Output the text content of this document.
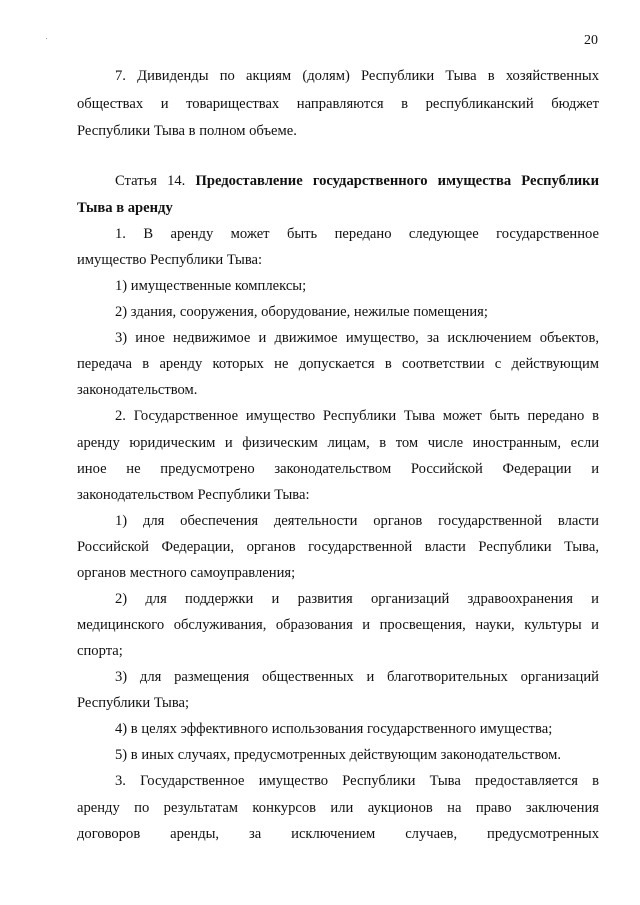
20
7. Дивиденды по акциям (долям) Республики Тыва в хозяйственных
обществах и товариществах направляются в республиканский бюджет
Республики Тыва в полном объеме.
Статья 14. Предоставление государственного имущества Республики
Тыва в аренду
1. В аренду может быть передано следующее государственное
имущество Республики Тыва:
1) имущественные комплексы;
2) здания, сооружения, оборудование, нежилые помещения;
3) иное недвижимое и движимое имущество, за исключением объектов,
передача в аренду которых не допускается в соответствии с действующим
законодательством.
2. Государственное имущество Республики Тыва может быть передано в
аренду юридическим и физическим лицам, в том числе иностранным, если
иное не предусмотрено законодательством Российской Федерации и
законодательством Республики Тыва:
1) для обеспечения деятельности органов государственной власти
Российской Федерации, органов государственной власти Республики Тыва,
органов местного самоуправления;
2) для поддержки и развития организаций здравоохранения и
медицинского обслуживания, образования и просвещения, науки, культуры и
спорта;
3) для размещения общественных и благотворительных организаций
Республики Тыва;
4) в целях эффективного использования государственного имущества;
5) в иных случаях, предусмотренных действующим законодательством.
3. Государственное имущество Республики Тыва предоставляется в
аренду по результатам конкурсов или аукционов на право заключения
договоров аренды, за исключением случаев, предусмотренных
